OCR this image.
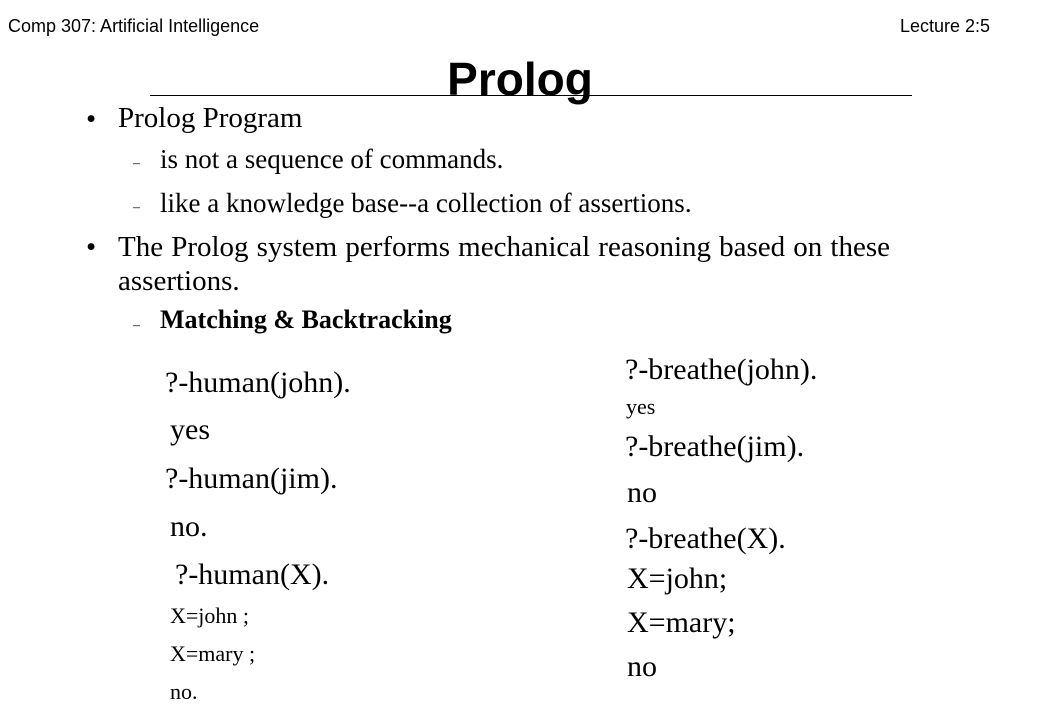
Comp 307: Artificial Intelligence	Lecture 2:5
Prolog
• Prolog Program
– is not a sequence of commands.
– like a knowledge base--a collection of assertions.
• The Prolog system performs mechanical reasoning based on these assertions.
– Matching & Backtracking
?-human(john).
yes
?-human(jim).
no.
?-human(X).
X=john ;
X=mary ;
no.
?-breathe(john).
yes
?-breathe(jim).
no
?-breathe(X).
X=john;
X=mary;
no
